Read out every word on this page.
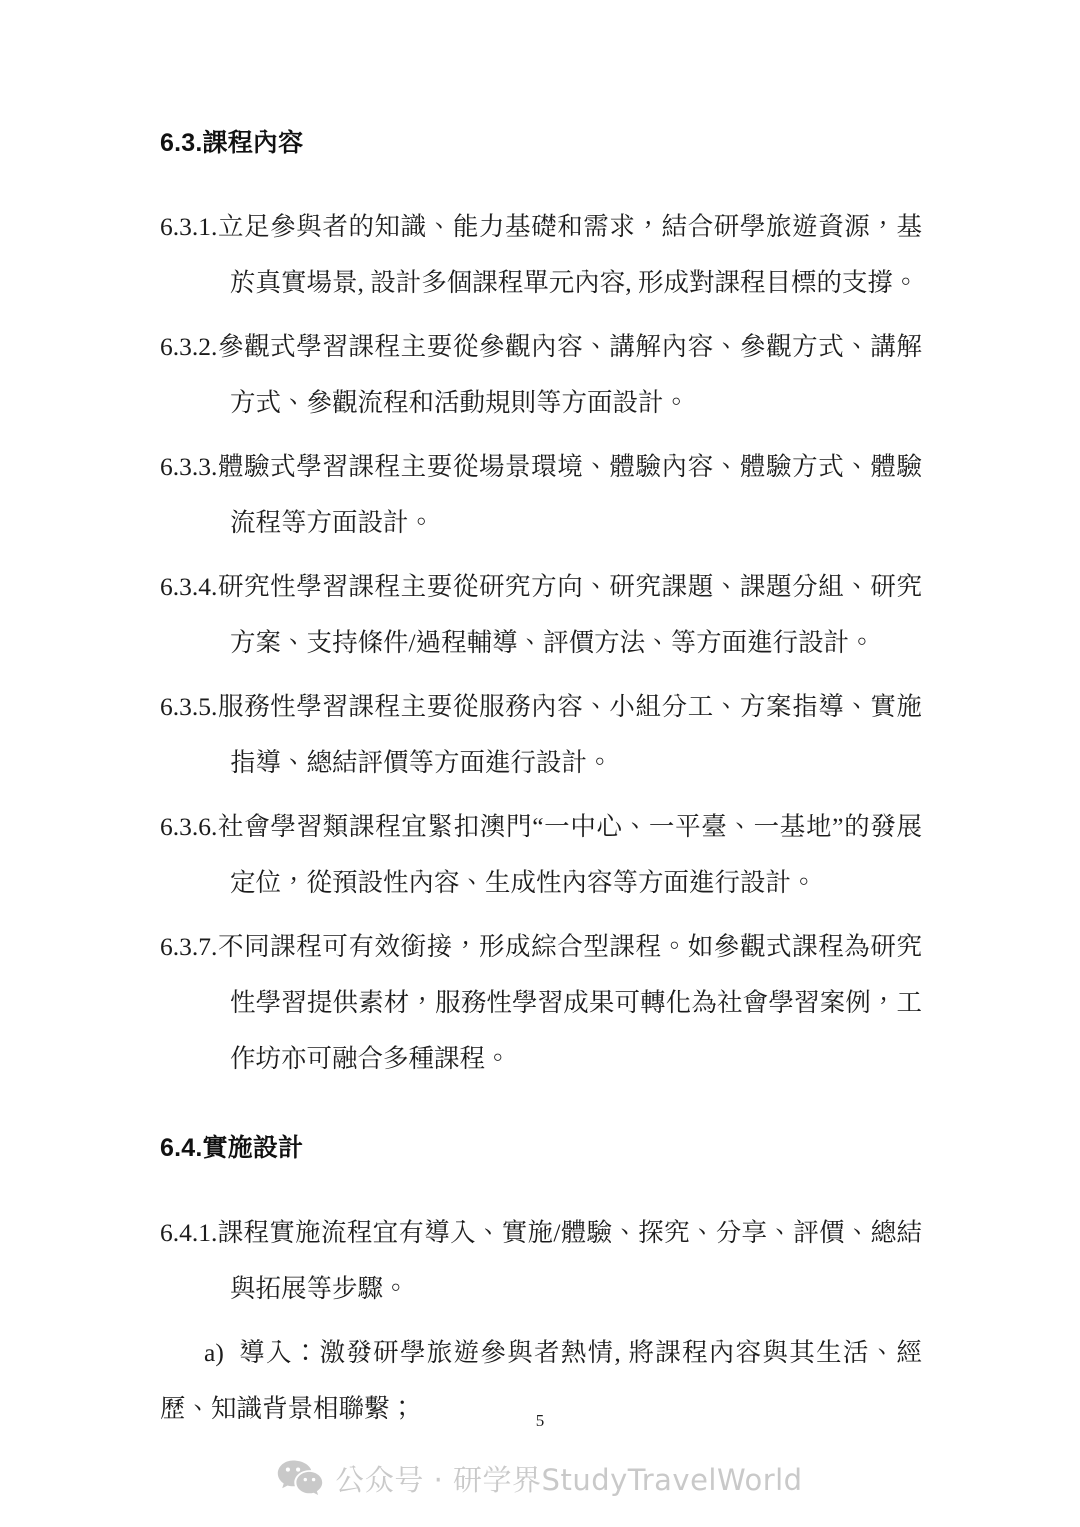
6.3.課程內容

6.3.1.立足參與者的知識、能力基礎和需求，結合研學旅遊資源，基於真實場景, 設計多個課程單元內容, 形成對課程目標的支撐。

6.3.2.參觀式學習課程主要從參觀內容、講解內容、參觀方式、講解方式、參觀流程和活動規則等方面設計。

6.3.3.體驗式學習課程主要從場景環境、體驗內容、體驗方式、體驗流程等方面設計。

6.3.4.研究性學習課程主要從研究方向、研究課題、課題分組、研究方案、支持條件/過程輔導、評價方法、等方面進行設計。

6.3.5.服務性學習課程主要從服務內容、小組分工、方案指導、實施指導、總結評價等方面進行設計。

6.3.6.社會學習類課程宜緊扣澳門“一中心、一平臺、一基地”的發展定位，從預設性內容、生成性內容等方面進行設計。

6.3.7.不同課程可有效銜接，形成綜合型課程。如參觀式課程為研究性學習提供素材，服務性學習成果可轉化為社會學習案例，工作坊亦可融合多種課程。

6.4.實施設計

6.4.1.課程實施流程宜有導入、實施/體驗、探究、分享、評價、總結與拓展等步驟。

a) 導入：激發研學旅遊參與者熱情, 將課程內容與其生活、經歷、知識背景相聯繫；	5
公众号 · 研学界StudyTravelWorld
